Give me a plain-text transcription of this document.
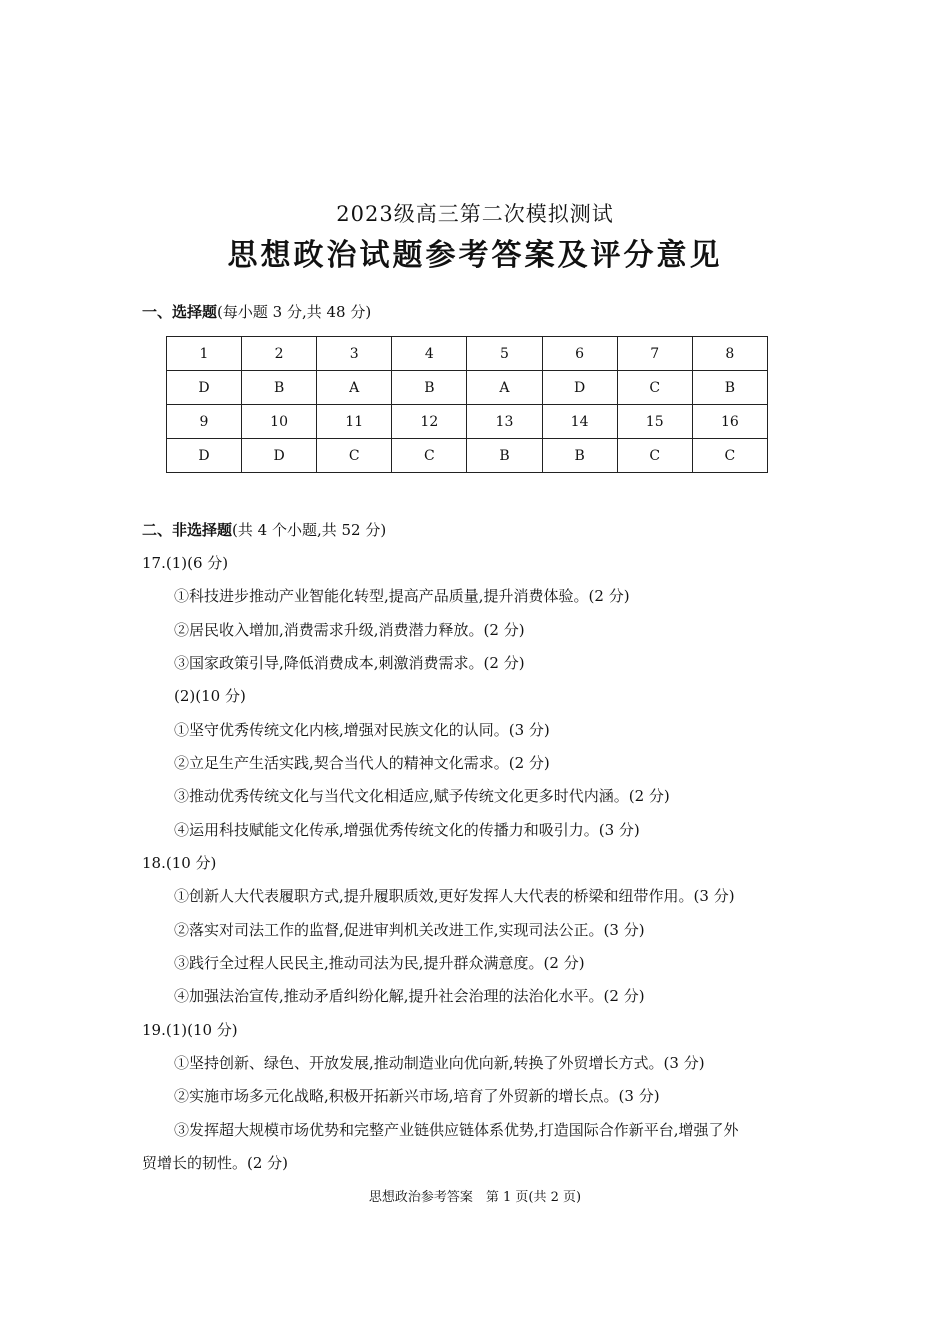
2023级高三第二次模拟测试
思想政治试题参考答案及评分意见
一、选择题(每小题 3 分,共 48 分)
1	2	3	4	5	6	7	8
D	B	A	B	A	D	C	B
9	10	11	12	13	14	15	16
D	D	C	C	B	B	C	C
二、非选择题(共 4 个小题,共 52 分)
17.(1)(6 分)
①科技进步推动产业智能化转型,提高产品质量,提升消费体验。(2 分)
②居民收入增加,消费需求升级,消费潜力释放。(2 分)
③国家政策引导,降低消费成本,刺激消费需求。(2 分)
(2)(10 分)
①坚守优秀传统文化内核,增强对民族文化的认同。(3 分)
②立足生产生活实践,契合当代人的精神文化需求。(2 分)
③推动优秀传统文化与当代文化相适应,赋予传统文化更多时代内涵。(2 分)
④运用科技赋能文化传承,增强优秀传统文化的传播力和吸引力。(3 分)
18.(10 分)
①创新人大代表履职方式,提升履职质效,更好发挥人大代表的桥梁和纽带作用。(3 分)
②落实对司法工作的监督,促进审判机关改进工作,实现司法公正。(3 分)
③践行全过程人民民主,推动司法为民,提升群众满意度。(2 分)
④加强法治宣传,推动矛盾纠纷化解,提升社会治理的法治化水平。(2 分)
19.(1)(10 分)
①坚持创新、绿色、开放发展,推动制造业向优向新,转换了外贸增长方式。(3 分)
②实施市场多元化战略,积极开拓新兴市场,培育了外贸新的增长点。(3 分)
③发挥超大规模市场优势和完整产业链供应链体系优势,打造国际合作新平台,增强了外
贸增长的韧性。(2 分)
思想政治参考答案　第 1 页(共 2 页)
